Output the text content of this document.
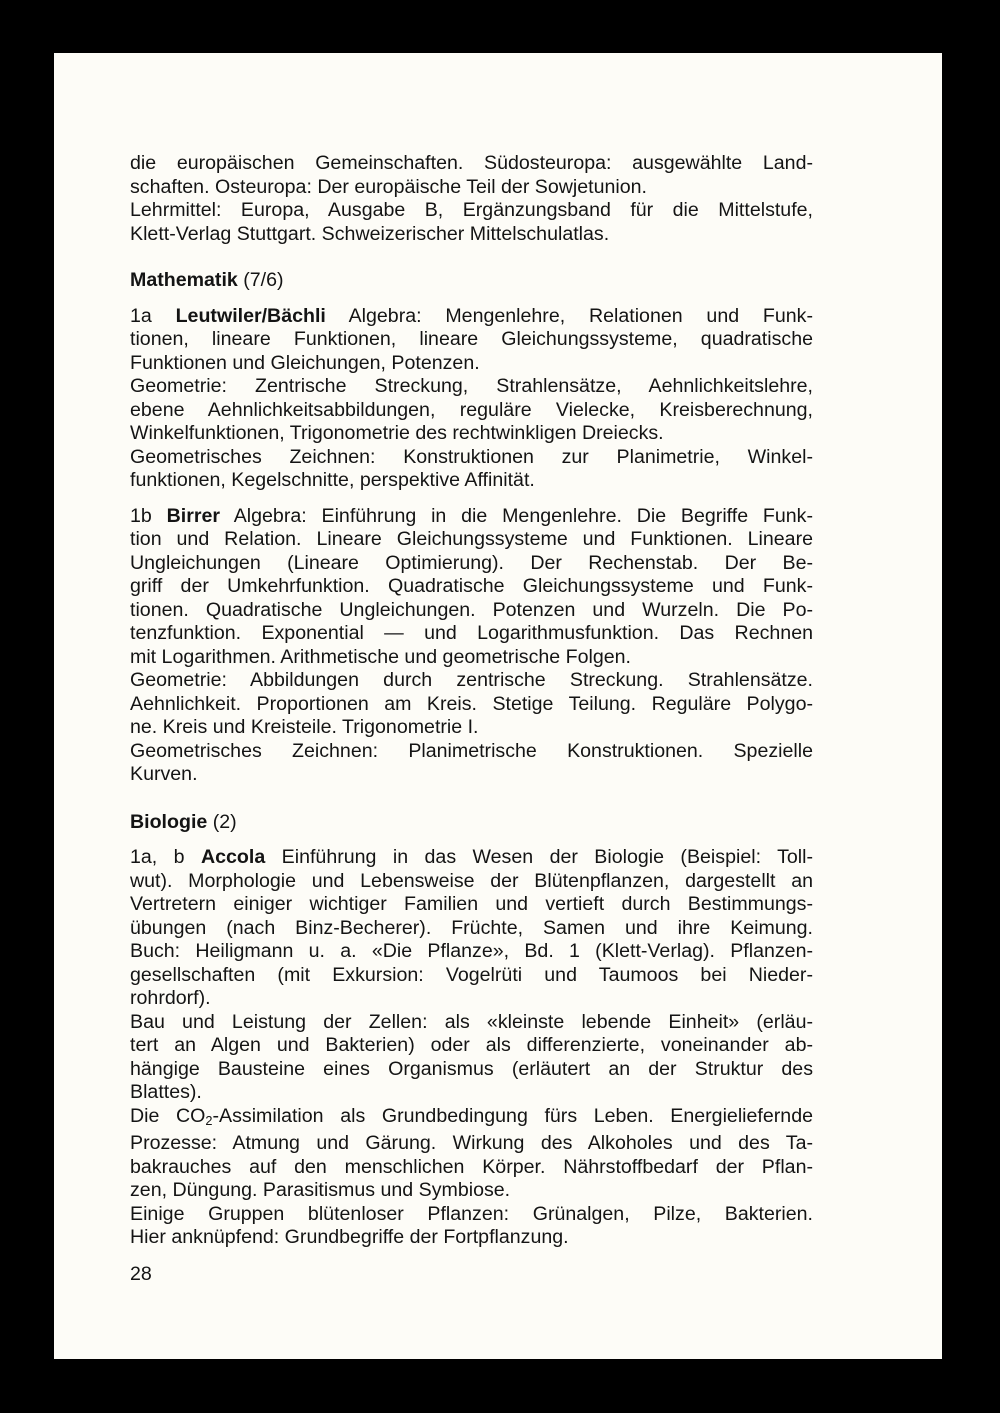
die europäischen Gemeinschaften. Südosteuropa: ausgewählte Land-
schaften. Osteuropa: Der europäische Teil der Sowjetunion.
Lehrmittel: Europa, Ausgabe B, Ergänzungsband für die Mittelstufe,
Klett-Verlag Stuttgart. Schweizerischer Mittelschulatlas.
Mathematik (7/6)
1a Leutwiler/Bächli Algebra: Mengenlehre, Relationen und Funk-
tionen, lineare Funktionen, lineare Gleichungssysteme, quadratische
Funktionen und Gleichungen, Potenzen.
Geometrie: Zentrische Streckung, Strahlensätze, Aehnlichkeitslehre,
ebene Aehnlichkeitsabbildungen, reguläre Vielecke, Kreisberechnung,
Winkelfunktionen, Trigonometrie des rechtwinkligen Dreiecks.
Geometrisches Zeichnen: Konstruktionen zur Planimetrie, Winkel-
funktionen, Kegelschnitte, perspektive Affinität.
1b Birrer Algebra: Einführung in die Mengenlehre. Die Begriffe Funk-
tion und Relation. Lineare Gleichungssysteme und Funktionen. Lineare
Ungleichungen (Lineare Optimierung). Der Rechenstab. Der Be-
griff der Umkehrfunktion. Quadratische Gleichungssysteme und Funk-
tionen. Quadratische Ungleichungen. Potenzen und Wurzeln. Die Po-
tenzfunktion. Exponential — und Logarithmusfunktion. Das Rechnen
mit Logarithmen. Arithmetische und geometrische Folgen.
Geometrie: Abbildungen durch zentrische Streckung. Strahlensätze.
Aehnlichkeit. Proportionen am Kreis. Stetige Teilung. Reguläre Polygo-
ne. Kreis und Kreisteile. Trigonometrie I.
Geometrisches Zeichnen: Planimetrische Konstruktionen. Spezielle
Kurven.
Biologie (2)
1a, b Accola Einführung in das Wesen der Biologie (Beispiel: Toll-
wut). Morphologie und Lebensweise der Blütenpflanzen, dargestellt an
Vertretern einiger wichtiger Familien und vertieft durch Bestimmungs-
übungen (nach Binz-Becherer). Früchte, Samen und ihre Keimung.
Buch: Heiligmann u. a. «Die Pflanze», Bd. 1 (Klett-Verlag). Pflanzen-
gesellschaften (mit Exkursion: Vogelrüti und Taumoos bei Nieder-
rohrdorf).
Bau und Leistung der Zellen: als «kleinste lebende Einheit» (erläu-
tert an Algen und Bakterien) oder als differenzierte, voneinander ab-
hängige Bausteine eines Organismus (erläutert an der Struktur des
Blattes).
Die $CO_2$-Assimilation als Grundbedingung fürs Leben. Energieliefernde
Prozesse: Atmung und Gärung. Wirkung des Alkoholes und des Ta-
bakrauches auf den menschlichen Körper. Nährstoffbedarf der Pflan-
zen, Düngung. Parasitismus und Symbiose.
Einige Gruppen blütenloser Pflanzen: Grünalgen, Pilze, Bakterien.
Hier anknüpfend: Grundbegriffe der Fortpflanzung.
28
